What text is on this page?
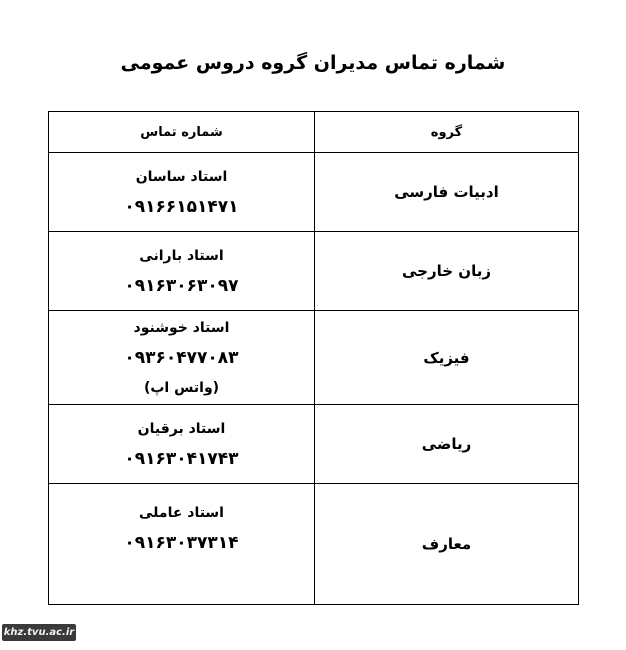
شماره تماس مدیران گروه دروس عمومی
گروه	شماره تماس
ادبیات فارسی	استاد ساسان
۰۹۱۶۶۱۵۱۴۷۱

زبان خارجی	استاد بارانی
۰۹۱۶۳۰۶۳۰۹۷

فیزیک	استاد خوشنود
۰۹۳۶۰۴۷۷۰۸۳
(واتس اپ)

ریاضی	استاد برقیان
۰۹۱۶۳۰۴۱۷۴۳

معارف	استاد عاملی
۰۹۱۶۳۰۳۷۳۱۴
khz.tvu.ac.ir
